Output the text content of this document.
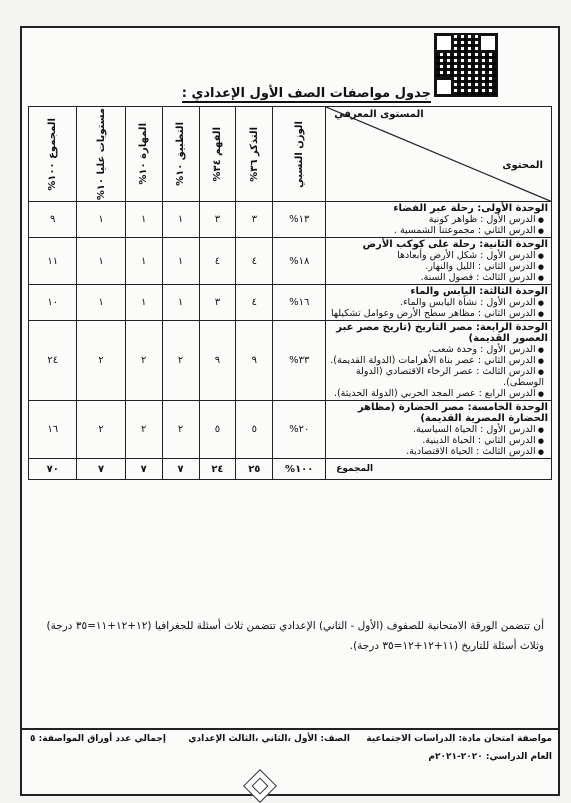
جدول مواصفات الصف الأول الإعدادي :
المستوى المعرفي
المحتوى	الوزن النسبي	التذكر ٣٦%	الفهم ٣٤%	التطبيق ١٠%	المهارة ١٠%	مستويات عليا ١٠%	المجموع ١٠٠%

الوحدة الأولى: رحلة عبر الفضاء
● الدرس الأول : ظواهر كونية
● الدرس الثاني : مجموعتنا الشمسية .	١٣%	٣	٣	١	١	١	٩

الوحدة الثانية: رحلة على كوكب الأرض
● الدرس الأول : شكل الأرض وأبعادها
● الدرس الثاني : الليل والنهار.
● الدرس الثالث : فصول السنة.	١٨%	٤	٤	١	١	١	١١

الوحدة الثالثة: اليابس والماء
● الدرس الأول : نشأة اليابس والماء.
● الدرس الثاني : مظاهر سطح الأرض وعوامل تشكيلها	١٦%	٤	٣	١	١	١	١٠

الوحدة الرابعة: مصر التاريخ (تاريخ مصر عبر العصور القديمة)
● الدرس الأول : وحدة شعب.
● الدرس الثاني : عصر بناة الأهرامات (الدولة القديمة).
● الدرس الثالث : عصر الرخاء الاقتصادي (الدولة الوسطى).
● الدرس الرابع : عصر المجد الحربي (الدولة الحديثة).	٣٣%	٩	٩	٢	٢	٢	٢٤

الوحدة الخامسة: مصر الحضارة (مظاهر الحضارة المصرية القديمة)
● الدرس الأول : الحياة السياسية.
● الدرس الثاني : الحياة الدينية.
● الدرس الثالث : الحياة الاقتصادية.	٢٠%	٥	٥	٢	٢	٢	١٦
المجموع	١٠٠%	٢٥	٢٤	٧	٧	٧	٧٠
أن تتضمن الورقة الامتحانية للصفوف (الأول - الثاني) الإعدادي تتضمن ثلاث أسئلة للجغرافيا (١٢+١٢+١١=٣٥ درجة) وثلاث أسئلة للتاريخ (١١+١٢+١٢=٣٥ درجة).
مواصفة امتحان مادة: الدراسات الاجتماعية
العام الدراسي: ٢٠٢٠-٢٠٢١م
الصف: الأول ،الثاني ،الثالث الإعدادي
إجمالي عدد أوراق المواصفة: ٥
